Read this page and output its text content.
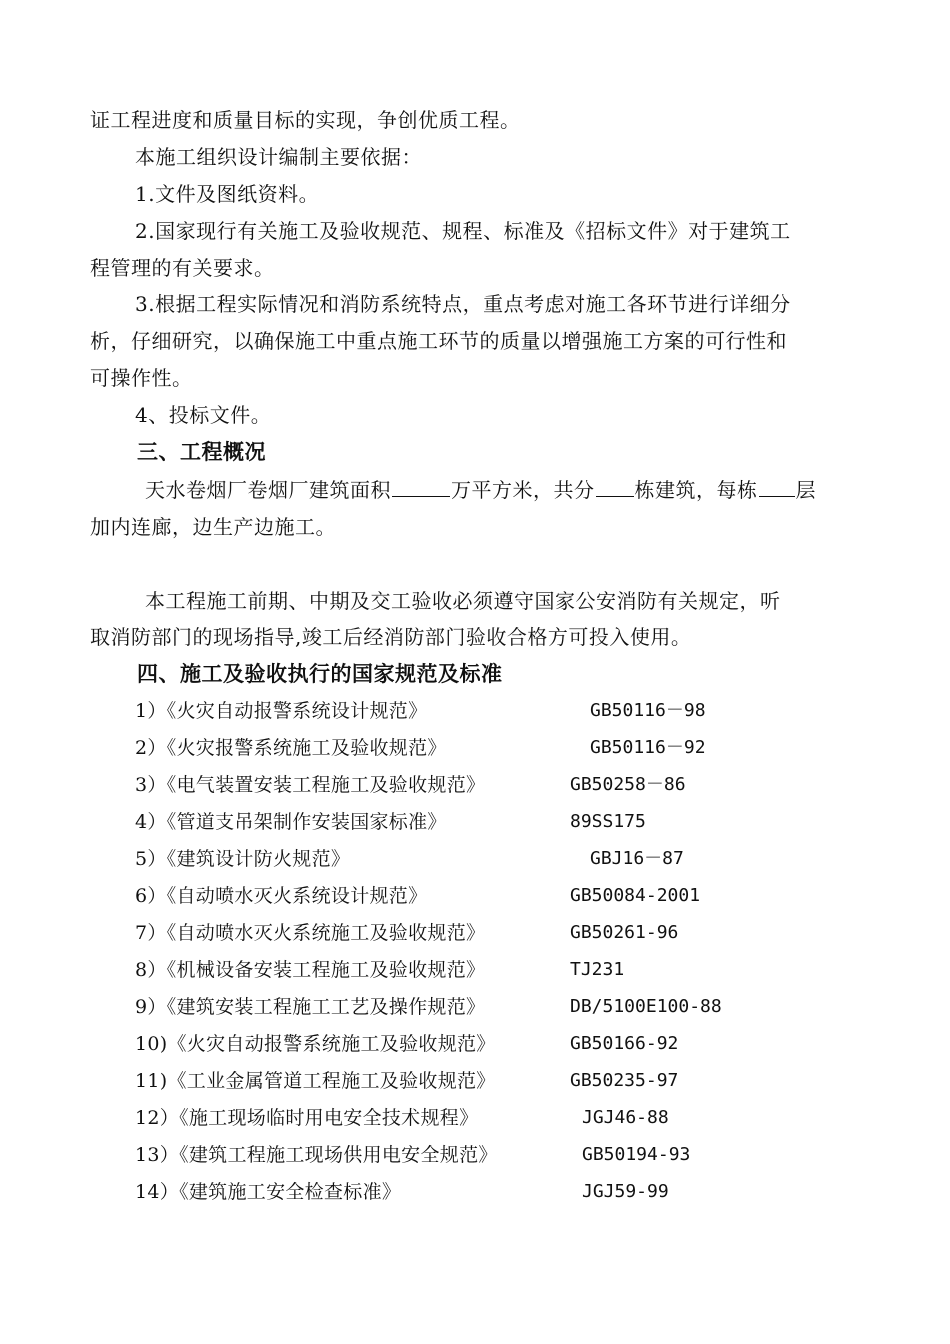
证工程进度和质量目标的实现，争创优质工程。
本施工组织设计编制主要依据：
1.文件及图纸资料。
2.国家现行有关施工及验收规范、规程、标准及《招标文件》对于建筑工
程管理的有关要求。
3.根据工程实际情况和消防系统特点，重点考虑对施工各环节进行详细分
析，仔细研究，以确保施工中重点施工环节的质量以增强施工方案的可行性和
可操作性。
4、投标文件。
三、工程概况
天水卷烟厂卷烟厂建筑面积	万平方米，共分 栋建筑，每栋 层
加内连廊，边生产边施工。
本工程施工前期、中期及交工验收必须遵守国家公安消防有关规定，听
取消防部门的现场指导,竣工后经消防部门验收合格方可投入使用。
四、施工及验收执行的国家规范及标准
1）《火灾自动报警系统设计规范》	GB50116－98
2）《火灾报警系统施工及验收规范》	GB50116－92
3）《电气装置安装工程施工及验收规范》	GB50258－86
4）《管道支吊架制作安装国家标准》	89SS175
5）《建筑设计防火规范》	GBJ16－87
6）《自动喷水灭火系统设计规范》	GB50084-2001
7）《自动喷水灭火系统施工及验收规范》	GB50261-96
8）《机械设备安装工程施工及验收规范》	TJ231
9）《建筑安装工程施工工艺及操作规范》	DB/5100E100-88
10)《火灾自动报警系统施工及验收规范》	GB50166-92
11)《工业金属管道工程施工及验收规范》	GB50235-97
12）《施工现场临时用电安全技术规程》	JGJ46-88
13）《建筑工程施工现场供用电安全规范》	GB50194-93
14）《建筑施工安全检查标准》	JGJ59-99
